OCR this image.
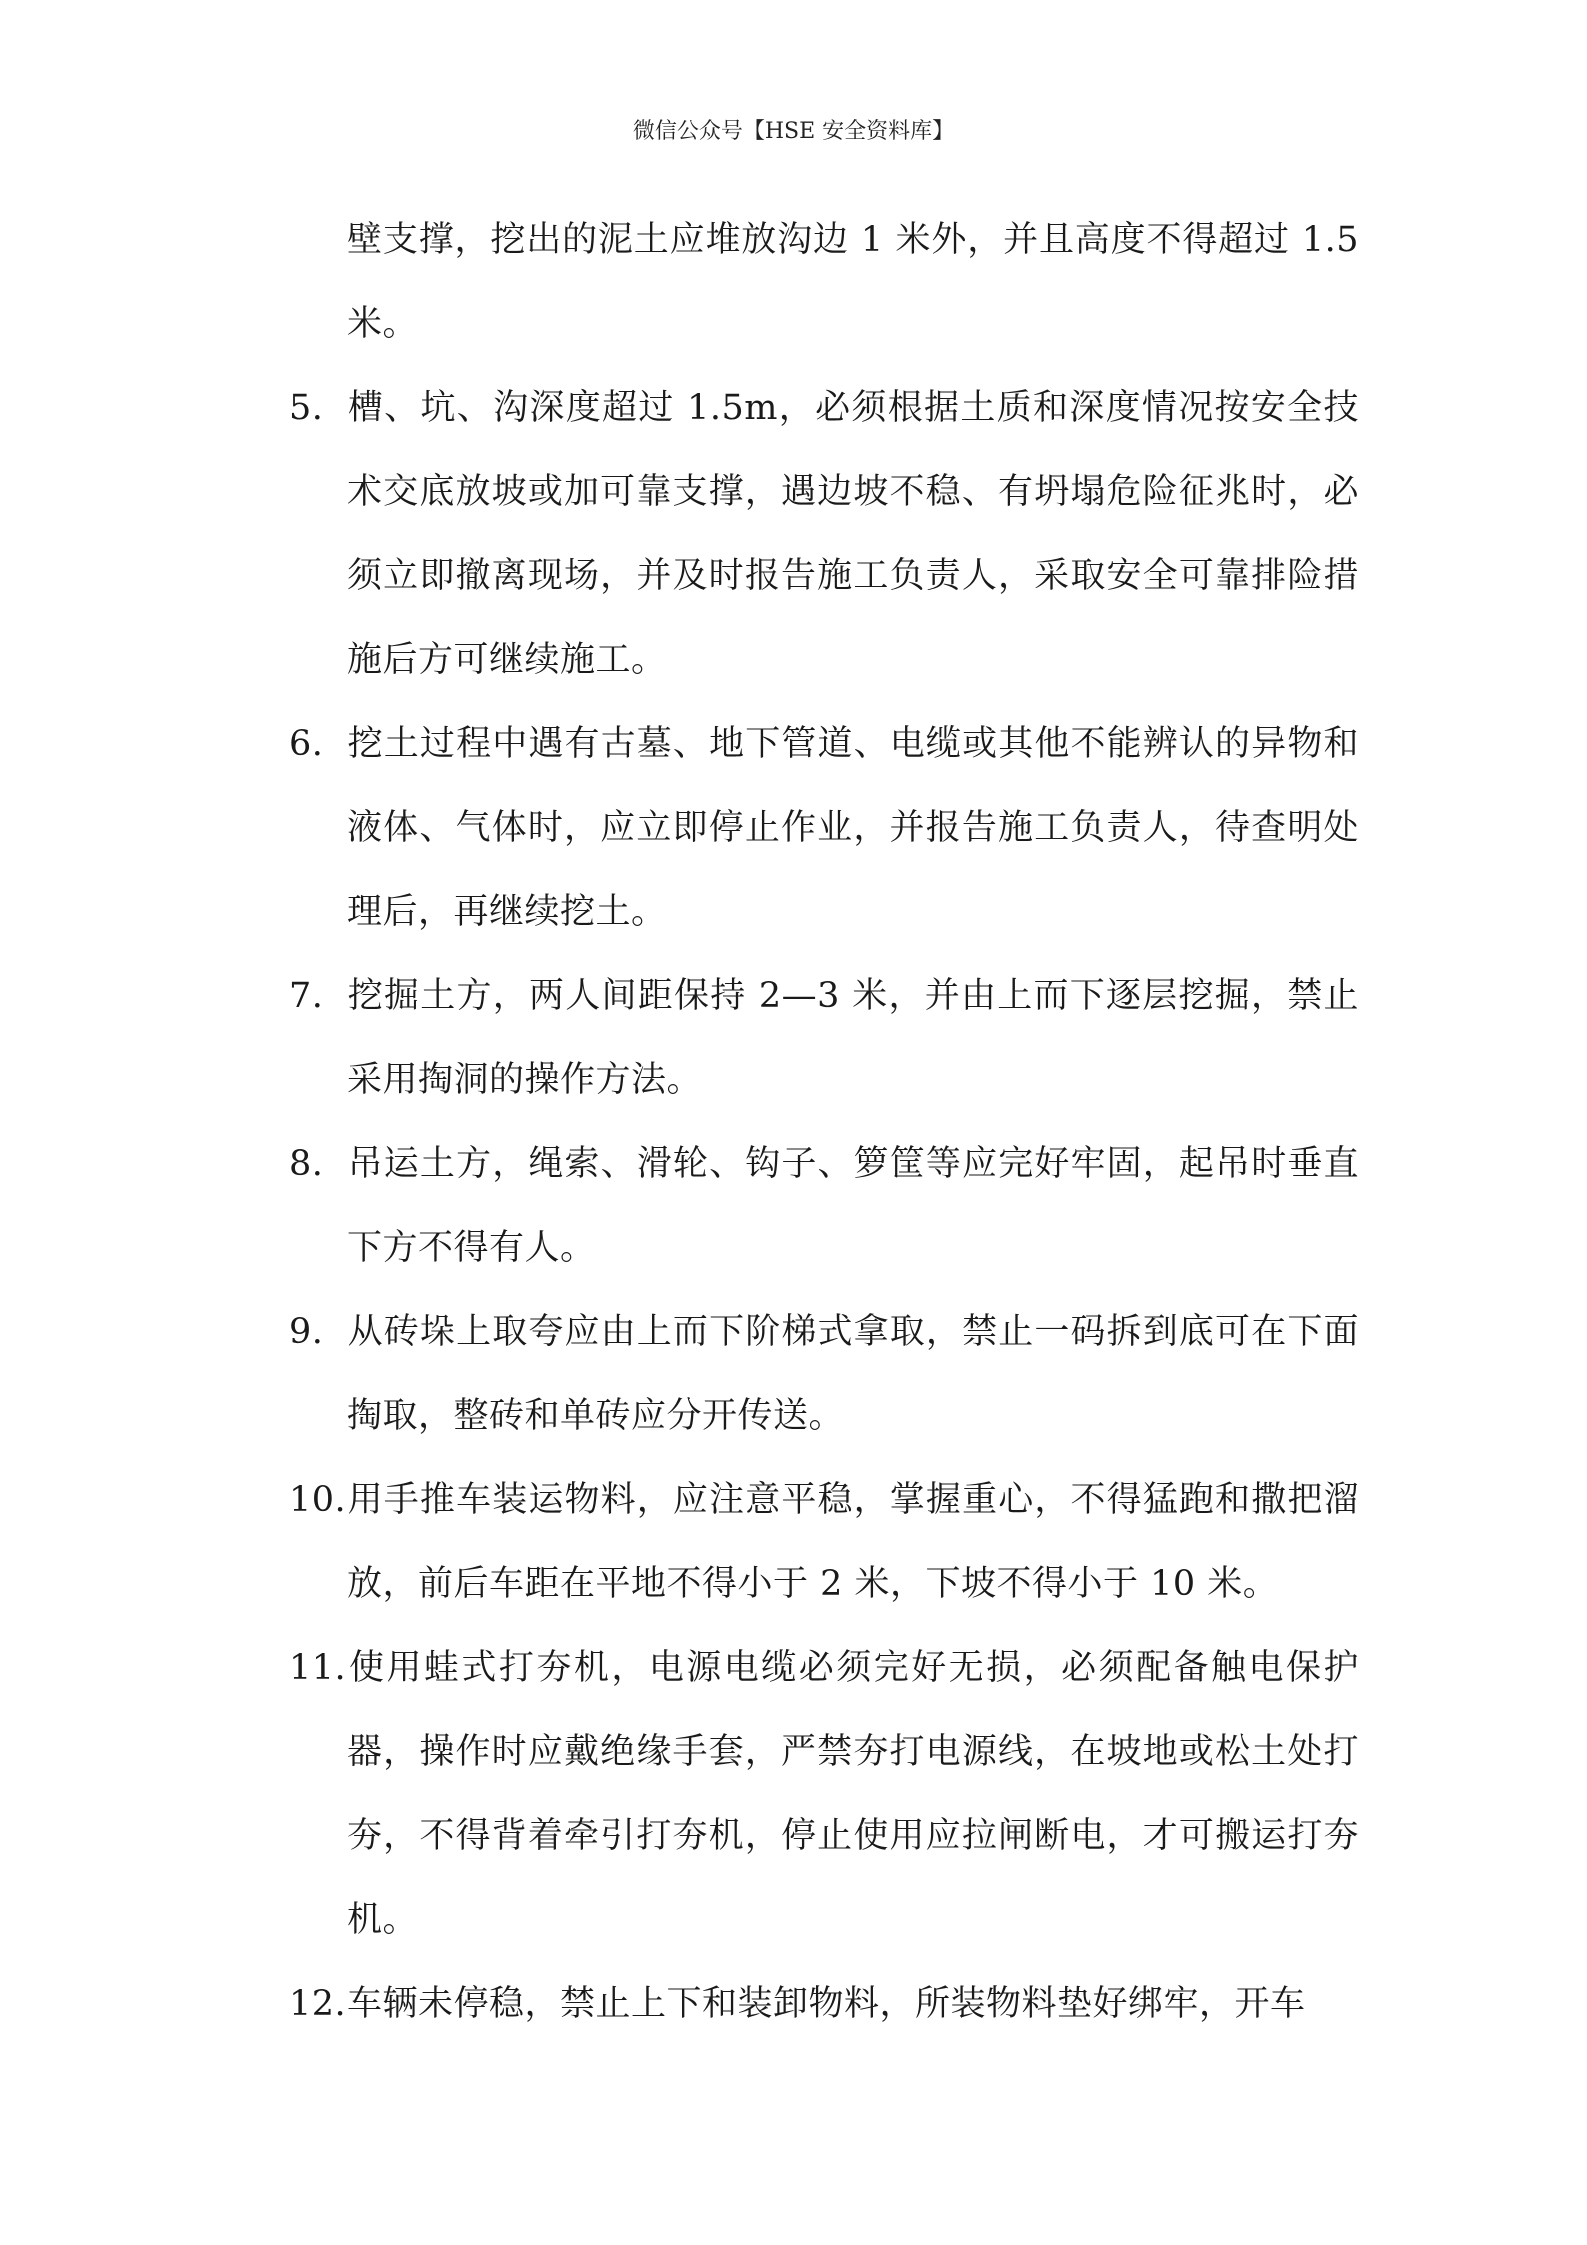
微信公众号【HSE 安全资料库】

壁支撑，挖出的泥土应堆放沟边 1 米外，并且高度不得超过 1.5 米。

5. 槽、坑、沟深度超过 1.5m，必须根据土质和深度情况按安全技术交底放坡或加可靠支撑，遇边坡不稳、有坍塌危险征兆时，必须立即撤离现场，并及时报告施工负责人，采取安全可靠排险措施后方可继续施工。

6. 挖土过程中遇有古墓、地下管道、电缆或其他不能辨认的异物和液体、气体时，应立即停止作业，并报告施工负责人，待查明处理后，再继续挖土。

7. 挖掘土方，两人间距保持 2—3 米，并由上而下逐层挖掘，禁止采用掏洞的操作方法。

8. 吊运土方，绳索、滑轮、钩子、箩筐等应完好牢固，起吊时垂直下方不得有人。

9. 从砖垛上取夸应由上而下阶梯式拿取，禁止一码拆到底可在下面掏取，整砖和单砖应分开传送。

10.用手推车装运物料，应注意平稳，掌握重心，不得猛跑和撒把溜放，前后车距在平地不得小于 2 米，下坡不得小于 10 米。

11.使用蛙式打夯机，电源电缆必须完好无损，必须配备触电保护器，操作时应戴绝缘手套，严禁夯打电源线，在坡地或松土处打夯，不得背着牵引打夯机，停止使用应拉闸断电，才可搬运打夯机。

12.车辆未停稳，禁止上下和装卸物料，所装物料垫好绑牢，开车
